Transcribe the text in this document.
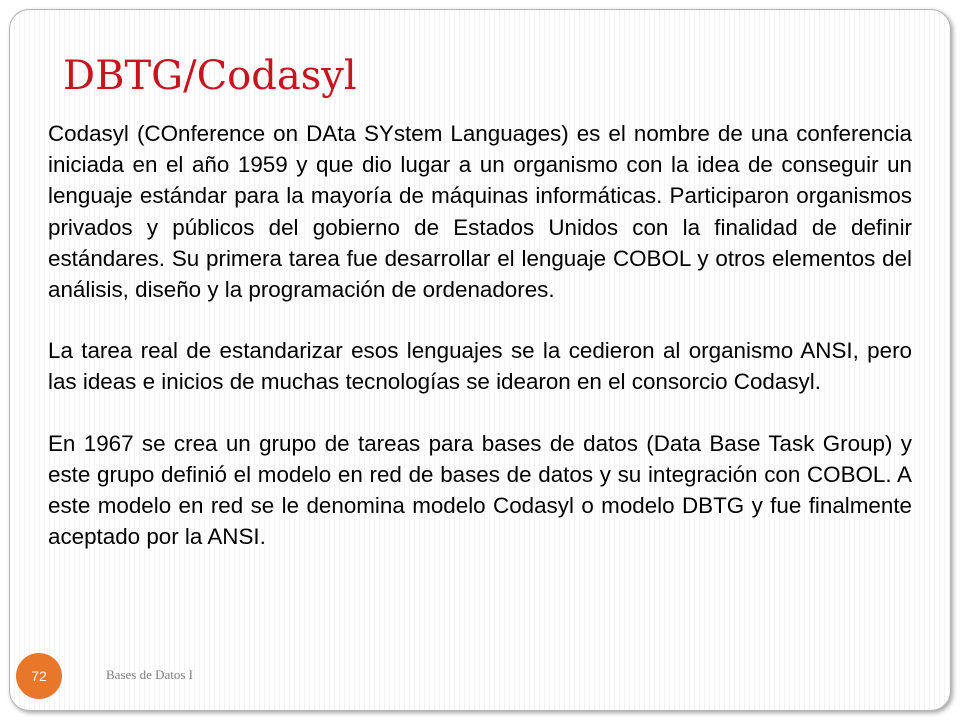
DBTG/Codasyl

Codasyl (COnference on DAta SYstem Languages) es el nombre de una conferencia iniciada en el año 1959 y que dio lugar a un organismo con la idea de conseguir un lenguaje estándar para la mayoría de máquinas informáticas. Participaron organismos privados y públicos del gobierno de Estados Unidos con la finalidad de definir estándares. Su primera tarea fue desarrollar el lenguaje COBOL y otros elementos del análisis, diseño y la programación de ordenadores.

La tarea real de estandarizar esos lenguajes se la cedieron al organismo ANSI, pero las ideas e inicios de muchas tecnologías se idearon en el consorcio Codasyl.

En 1967 se crea un grupo de tareas para bases de datos (Data Base Task Group) y este grupo definió el modelo en red de bases de datos y su integración con COBOL. A este modelo en red se le denomina modelo Codasyl o modelo DBTG y fue finalmente aceptado por la ANSI.

72	Bases de Datos I
